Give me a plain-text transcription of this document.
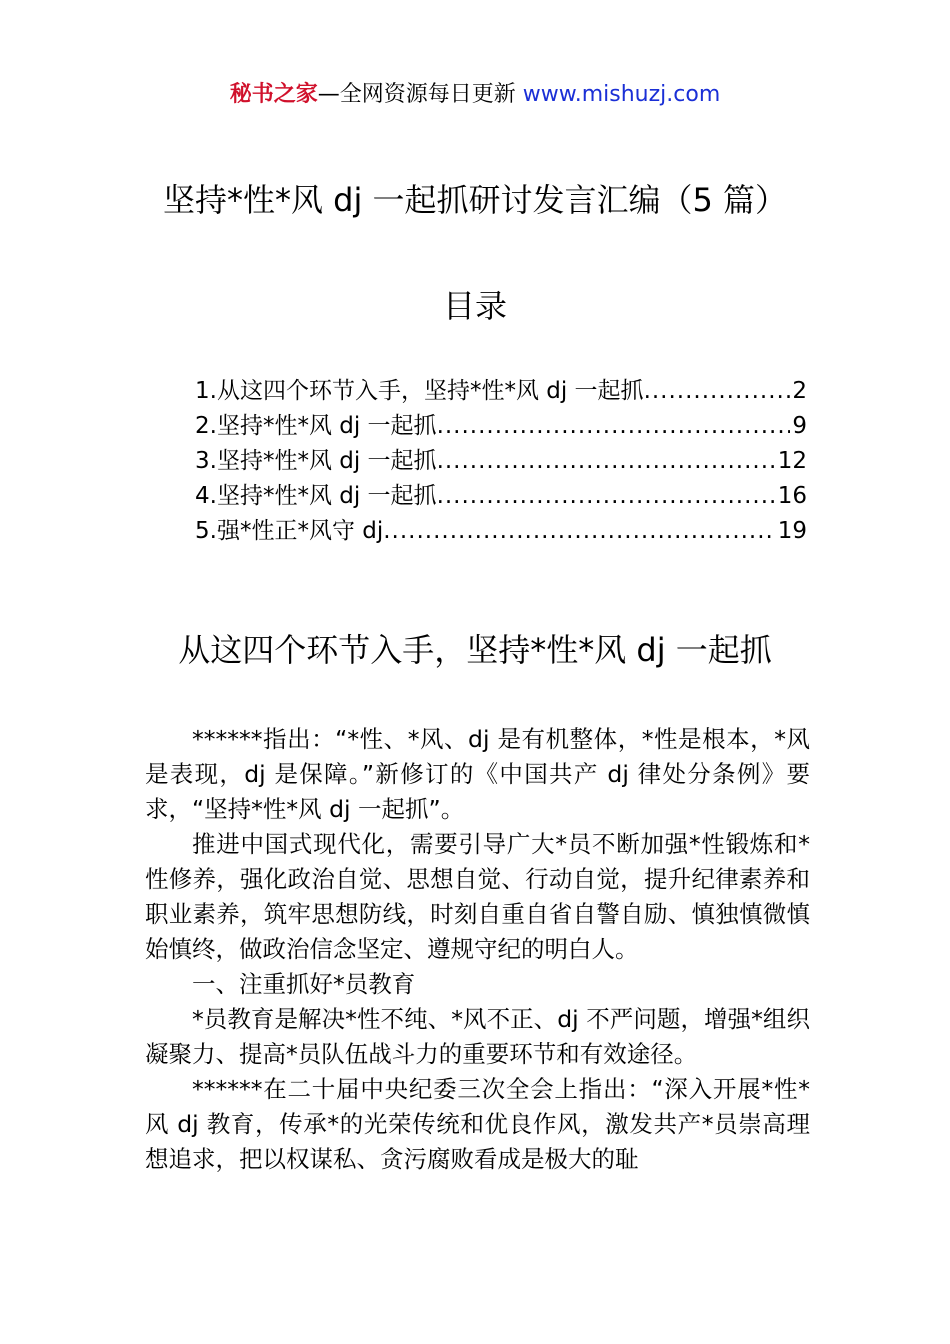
秘书之家—全网资源每日更新 www.mishuzj.com
坚持*性*风 dj 一起抓研讨发言汇编（5 篇）
目录
1.从这四个环节入手，坚持*性*风 dj 一起抓 .....	2
2.坚持*性*风 dj 一起抓 .....	9
3.坚持*性*风 dj 一起抓 .....	12
4.坚持*性*风 dj 一起抓 .....	16
5.强*性正*风守 dj .....	19
从这四个环节入手，坚持*性*风 dj 一起抓

******指出：“*性、*风、dj 是有机整体，*性是根本，*风是表现，dj 是保障。”新修订的《中国共产 dj 律处分条例》要求，“坚持*性*风 dj 一起抓”。

推进中国式现代化，需要引导广大*员不断加强*性锻炼和*性修养，强化政治自觉、思想自觉、行动自觉，提升纪律素养和职业素养，筑牢思想防线，时刻自重自省自警自励、慎独慎微慎始慎终，做政治信念坚定、遵规守纪的明白人。

一、注重抓好*员教育

*员教育是解决*性不纯、*风不正、dj 不严问题，增强*组织凝聚力、提高*员队伍战斗力的重要环节和有效途径。

******在二十届中央纪委三次全会上指出：“深入开展*性*风 dj 教育，传承*的光荣传统和优良作风，激发共产*员崇高理想追求，把以权谋私、贪污腐败看成是极大的耻
